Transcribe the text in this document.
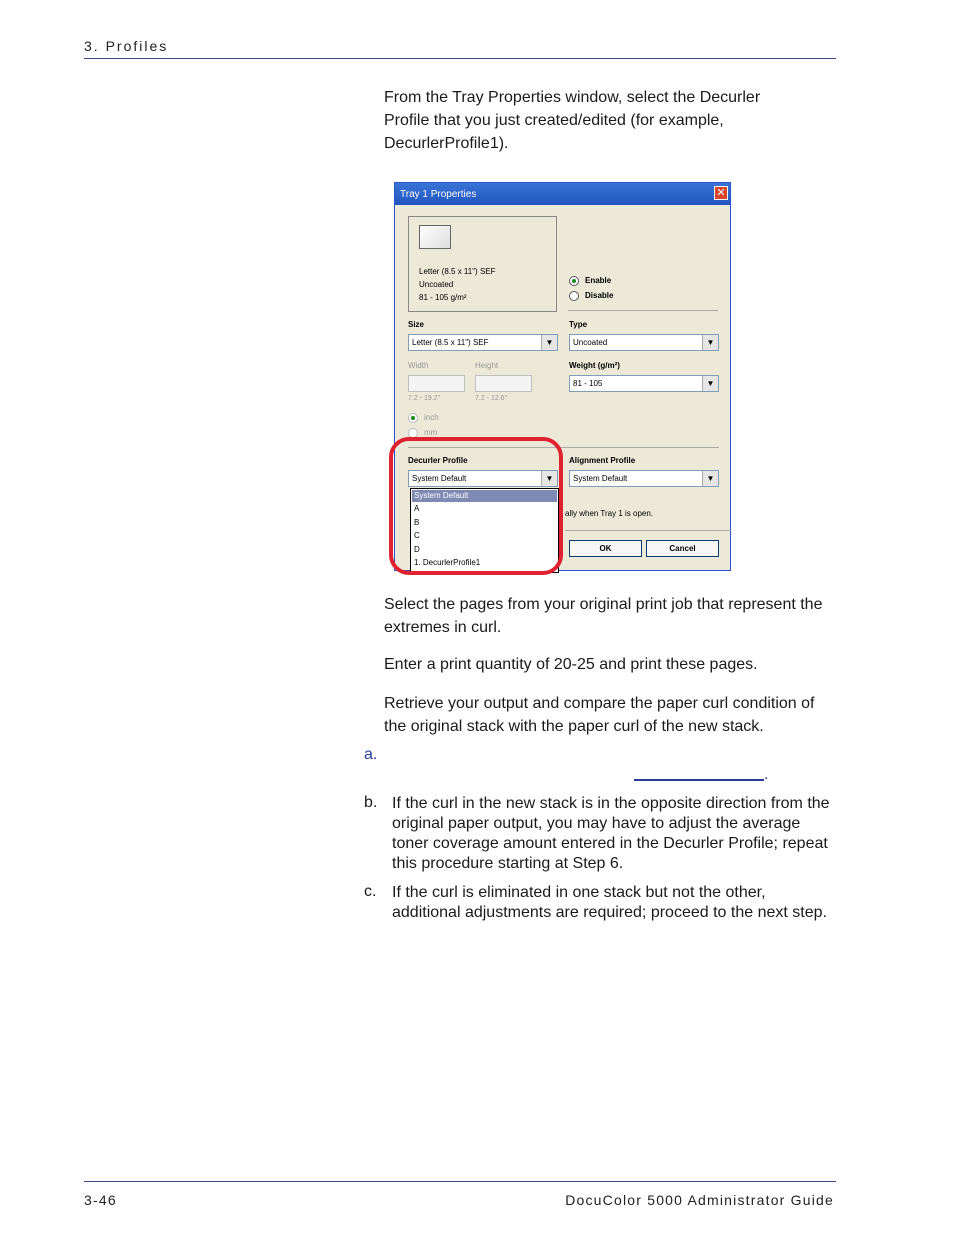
3. Profiles
From the Tray Properties window, select the Decurler Profile that you just created/edited (for example, DecurlerProfile1).
Tray 1 Properties	✕
Letter (8.5 x 11") SEF
Uncoated
81 - 105 g/m²
Enable
Disable
Size
Letter (8.5 x 11") SEF	▼
Type
Uncoated	▼
Width
7.2 - 19.2"
Height
7.2 - 12.6"
Weight (g/m²)
81 - 105	▼
inch
mm
Decurler Profile
System Default	▼
Alignment Profile
System Default	▼
ally when Tray 1 is open.
OK	Cancel
System Default
A
B
C
D
1. DecurlerProfile1
Select the pages from your original print job that represent the extremes in curl.
Enter a print quantity of 20-25 and print these pages.
Retrieve your output and compare the paper curl condition of the original stack with the paper curl of the new stack.
a.
.
b. If the curl in the new stack is in the opposite direction from the original paper output, you may have to adjust the average toner coverage amount entered in the Decurler Profile; repeat this procedure starting at Step 6.
c. If the curl is eliminated in one stack but not the other, additional adjustments are required; proceed to the next step.
3-46	DocuColor 5000 Administrator Guide
